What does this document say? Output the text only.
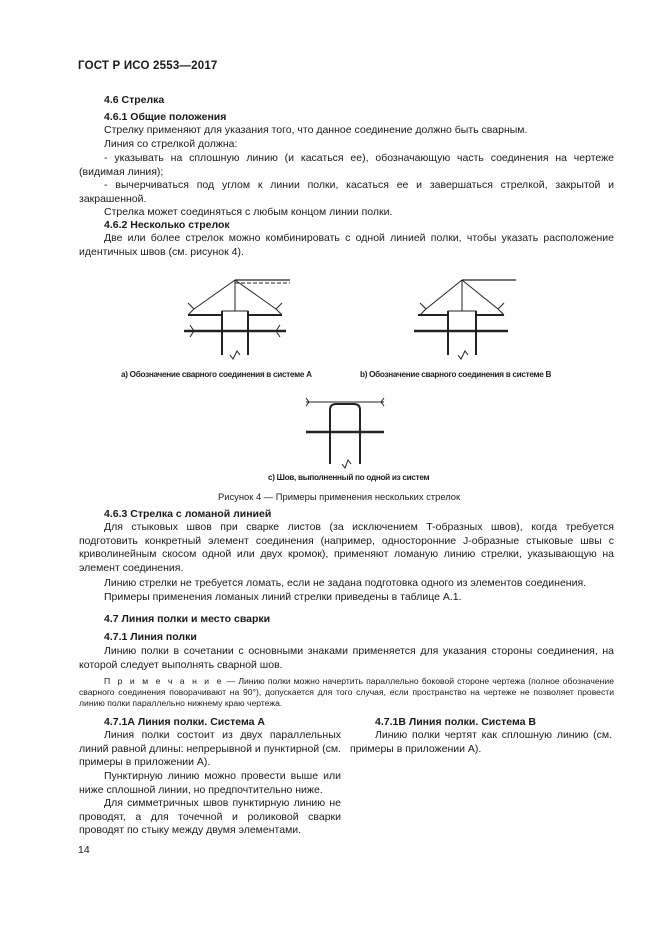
ГОСТ Р ИСО 2553—2017
4.6 Стрелка
4.6.1 Общие положения
Стрелку применяют для указания того, что данное соединение должно быть сварным.
Линия со стрелкой должна:
- указывать на сплошную линию (и касаться ее), обозначающую часть соединения на чертеже (видимая линия);
- вычерчиваться под углом к линии полки, касаться ее и завершаться стрелкой, закрытой и закрашенной.
Стрелка может соединяться с любым концом линии полки.
4.6.2 Несколько стрелок
Две или более стрелок можно комбинировать с одной линией полки, чтобы указать расположение идентичных швов (см. рисунок 4).
a) Обозначение сварного соединения в системе A	b) Обозначение сварного соединения в системе B
c) Шов, выполненный по одной из систем
Рисунок 4 — Примеры применения нескольких стрелок
4.6.3 Стрелка с ломаной линией
Для стыковых швов при сварке листов (за исключением T-образных швов), когда требуется подготовить конкретный элемент соединения (например, односторонние J-образные стыковые швы с криволинейным скосом одной или двух кромок), применяют ломаную линию стрелки, указывающую на элемент соединения.
Линию стрелки не требуется ломать, если не задана подготовка одного из элементов соединения.
Примеры применения ломаных линий стрелки приведены в таблице А.1.
4.7 Линия полки и место сварки
4.7.1 Линия полки
Линию полки в сочетании с основными знаками применяется для указания стороны соединения, на которой следует выполнять сварной шов.
П р и м е ч а н и е — Линию полки можно начертить параллельно боковой стороне чертежа (полное обозначение сварного соединения поворачивают на 90°), допускается для того случая, если пространство на чертеже не позволяет провести линию полки параллельно нижнему краю чертежа.
4.7.1А Линия полки. Система A
Линия полки состоит из двух параллельных линий равной длины: непрерывной и пунктирной (см. примеры в приложении А).
Пунктирную линию можно провести выше или ниже сплошной линии, но предпочтительно ниже.
Для симметричных швов пунктирную линию не проводят, а для точечной и роликовой сварки проводят по стыку между двумя элементами.
4.7.1В Линия полки. Система B
Линию полки чертят как сплошную линию (см. примеры в приложении А).
14
